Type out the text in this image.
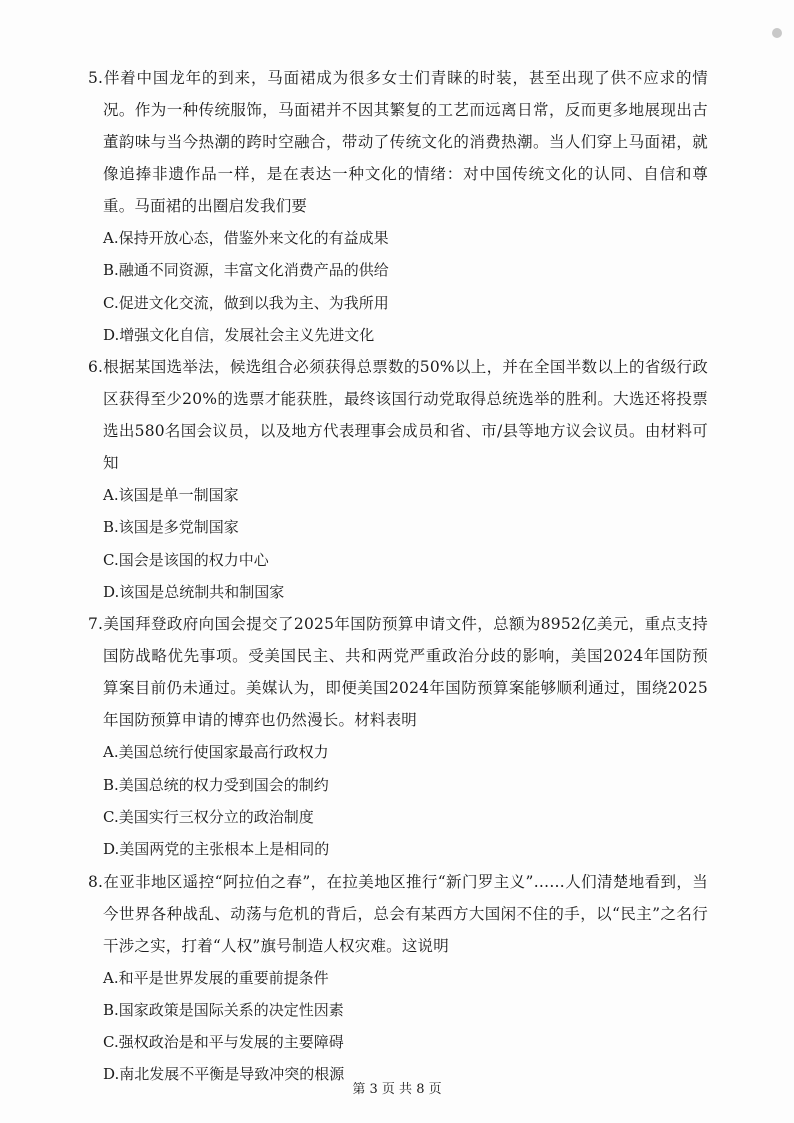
5.伴着中国龙年的到来，马面裙成为很多女士们青睐的时装，甚至出现了供不应求的情况。作为一种传统服饰，马面裙并不因其繁复的工艺而远离日常，反而更多地展现出古董韵味与当今热潮的跨时空融合，带动了传统文化的消费热潮。当人们穿上马面裙，就像追捧非遗作品一样，是在表达一种文化的情绪：对中国传统文化的认同、自信和尊重。马面裙的出圈启发我们要

A.保持开放心态，借鉴外来文化的有益成果
B.融通不同资源，丰富文化消费产品的供给
C.促进文化交流，做到以我为主、为我所用
D.增强文化自信，发展社会主义先进文化

6.根据某国选举法，候选组合必须获得总票数的50%以上，并在全国半数以上的省级行政区获得至少20%的选票才能获胜，最终该国行动党取得总统选举的胜利。大选还将投票选出580名国会议员，以及地方代表理事会成员和省、市/县等地方议会议员。由材料可知

A.该国是单一制国家
B.该国是多党制国家
C.国会是该国的权力中心
D.该国是总统制共和制国家

7.美国拜登政府向国会提交了2025年国防预算申请文件，总额为8952亿美元，重点支持国防战略优先事项。受美国民主、共和两党严重政治分歧的影响，美国2024年国防预算案目前仍未通过。美媒认为，即便美国2024年国防预算案能够顺利通过，围绕2025年国防预算申请的博弈也仍然漫长。材料表明

A.美国总统行使国家最高行政权力
B.美国总统的权力受到国会的制约
C.美国实行三权分立的政治制度
D.美国两党的主张根本上是相同的

8.在亚非地区遥控“阿拉伯之春”，在拉美地区推行“新门罗主义”……人们清楚地看到，当今世界各种战乱、动荡与危机的背后，总会有某西方大国闲不住的手，以“民主”之名行干涉之实，打着“人权”旗号制造人权灾难。这说明

A.和平是世界发展的重要前提条件
B.国家政策是国际关系的决定性因素
C.强权政治是和平与发展的主要障碍
D.南北发展不平衡是导致冲突的根源
第 3 页 共 8 页
